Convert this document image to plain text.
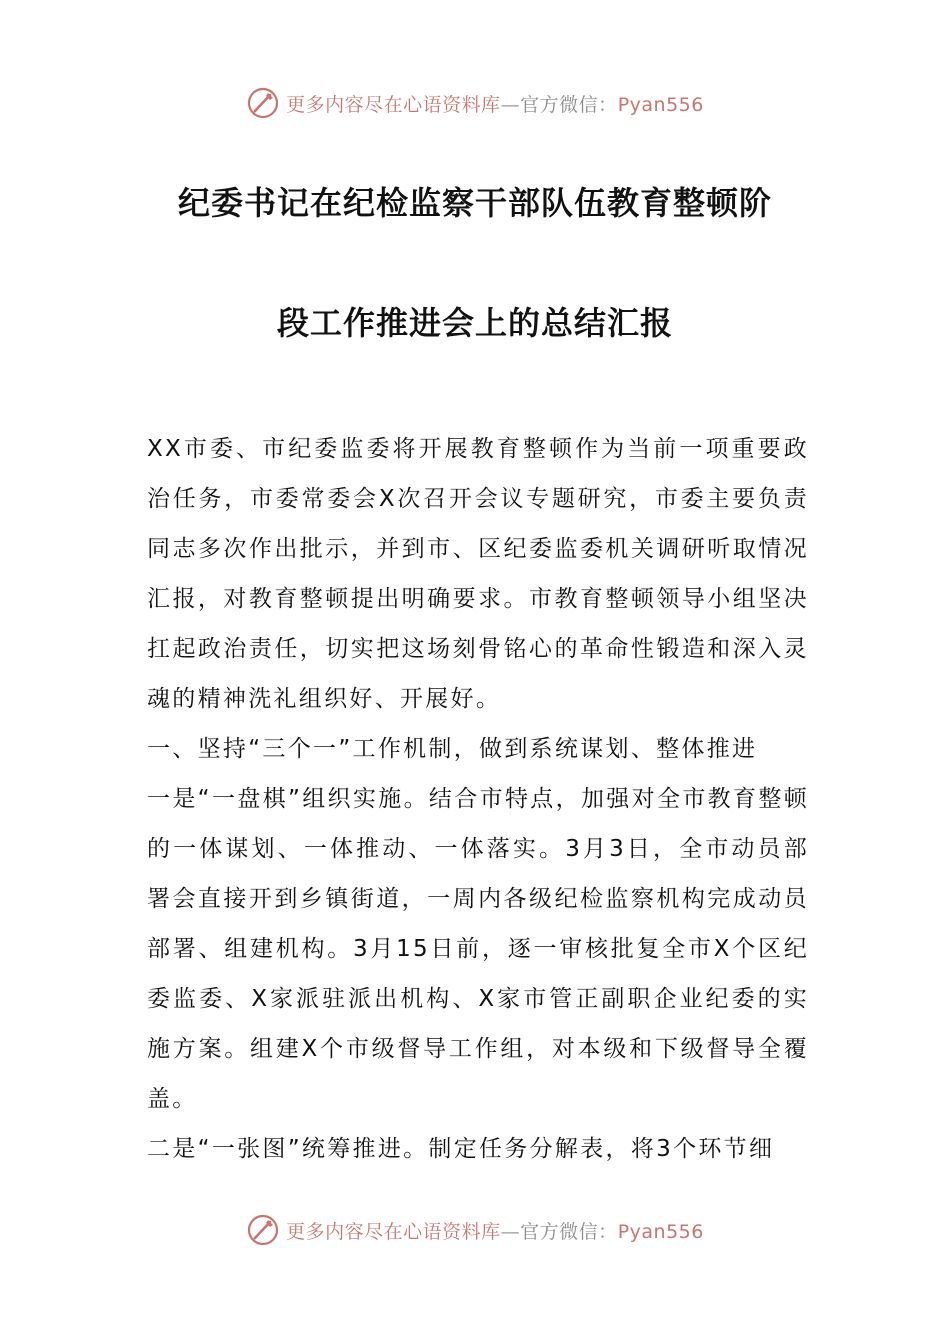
更多内容尽在心语资料库—官方微信：Pyan556
纪委书记在纪检监察干部队伍教育整顿阶
段工作推进会上的总结汇报

XX市委、市纪委监委将开展教育整顿作为当前一项重要政治任务，市委常委会X次召开会议专题研究，市委主要负责同志多次作出批示，并到市、区纪委监委机关调研听取情况汇报，对教育整顿提出明确要求。市教育整顿领导小组坚决扛起政治责任，切实把这场刻骨铭心的革命性锻造和深入灵魂的精神洗礼组织好、开展好。

一、坚持“三个一”工作机制，做到系统谋划、整体推进

一是“一盘棋”组织实施。结合市特点，加强对全市教育整顿的一体谋划、一体推动、一体落实。3月3日，全市动员部署会直接开到乡镇街道，一周内各级纪检监察机构完成动员部署、组建机构。3月15日前，逐一审核批复全市X个区纪委监委、X家派驻派出机构、X家市管正副职企业纪委的实施方案。组建X个市级督导工作组，对本级和下级督导全覆盖。

二是“一张图”统筹推进。制定任务分解表，将3个环节细

更多内容尽在心语资料库—官方微信：Pyan556
